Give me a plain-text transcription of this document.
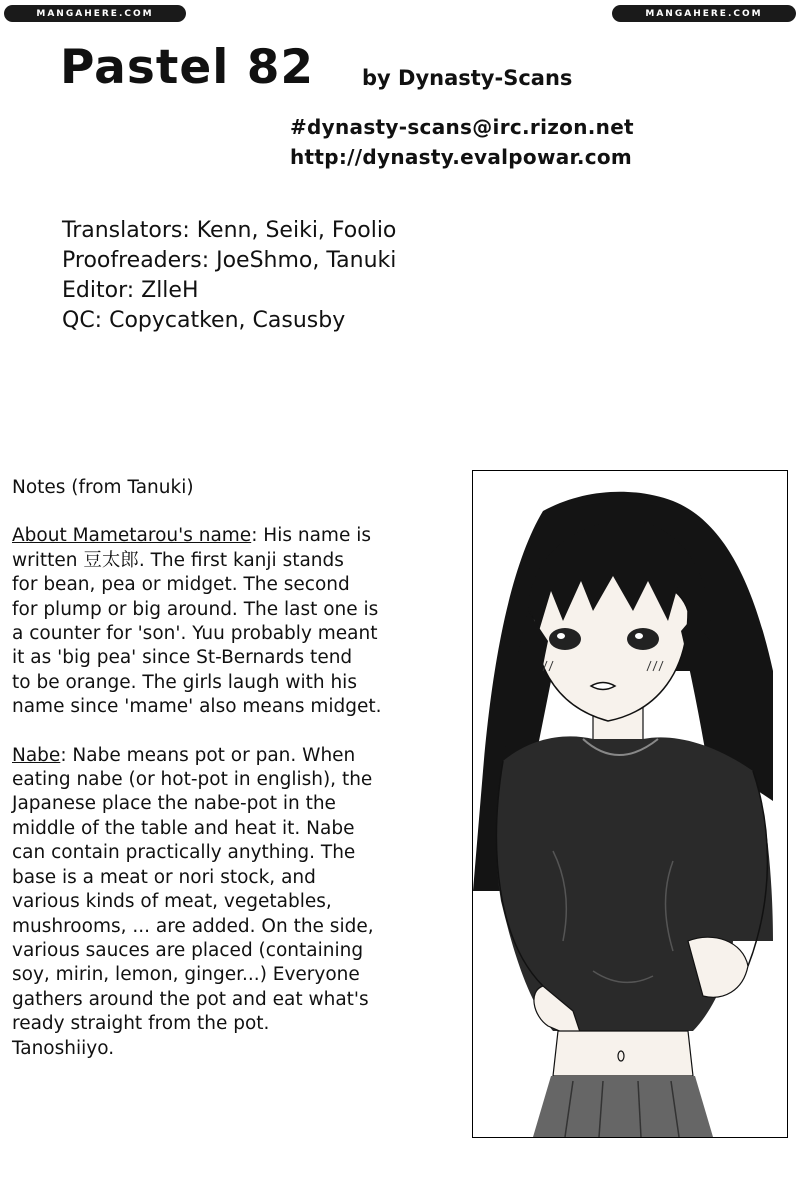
MANGAHERE.COM	MANGAHERE.COM
Pastel 82 by Dynasty-Scans
#dynasty-scans@irc.rizon.net
http://dynasty.evalpowar.com
Translators: Kenn, Seiki, Foolio
Proofreaders: JoeShmo, Tanuki
Editor: ZlleH
QC: Copycatken, Casusby
Notes (from Tanuki)

About Mametarou's name: His name is
written 豆太郎. The first kanji stands
for bean, pea or midget. The second
for plump or big around. The last one is
a counter for 'son'. Yuu probably meant
it as 'big pea' since St-Bernards tend
to be orange. The girls laugh with his
name since 'mame' also means midget.

Nabe: Nabe means pot or pan. When
eating nabe (or hot-pot in english), the
Japanese place the nabe-pot in the
middle of the table and heat it. Nabe
can contain practically anything. The
base is a meat or nori stock, and
various kinds of meat, vegetables,
mushrooms, ... are added. On the side,
various sauces are placed (containing
soy, mirin, lemon, ginger...) Everyone
gathers around the pot and eat what's
ready straight from the pot.
Tanoshiiyo.
